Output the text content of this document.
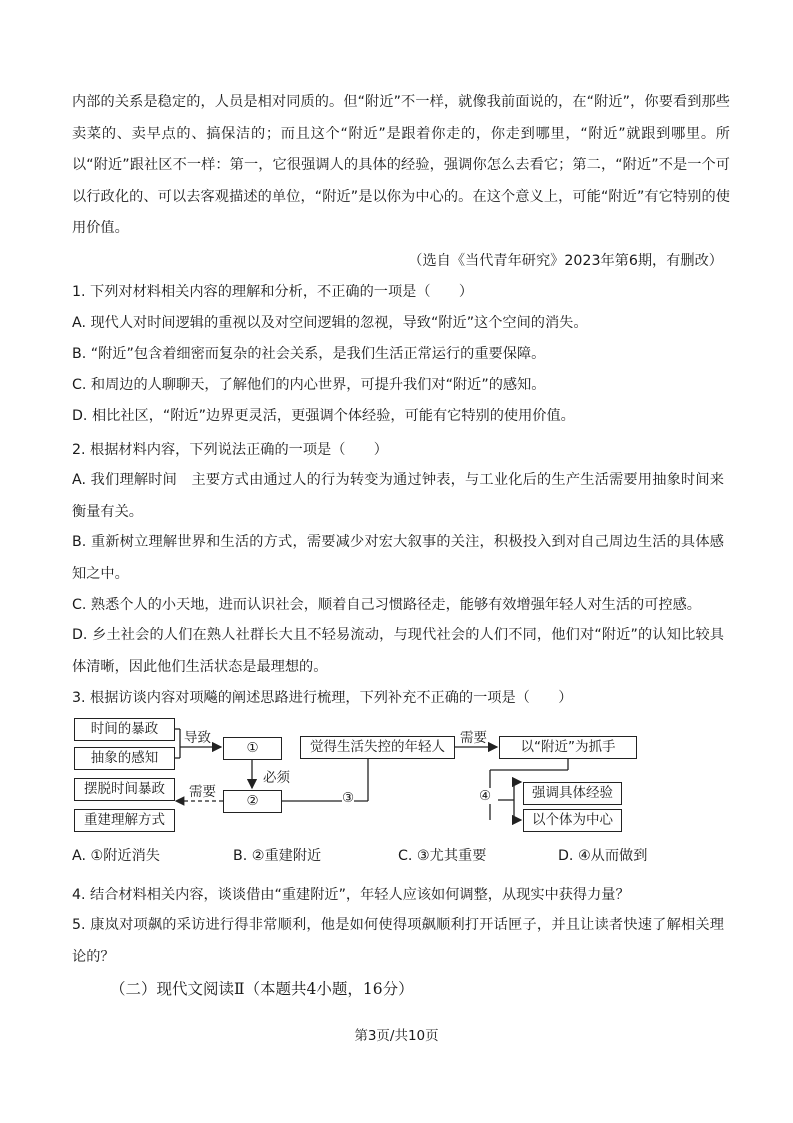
内部的关系是稳定的，人员是相对同质的。但“附近”不一样，就像我前面说的，在“附近”，你要看到那些卖菜的、卖早点的、搞保洁的；而且这个“附近”是跟着你走的，你走到哪里，“附近”就跟到哪里。所以“附近”跟社区不一样：第一，它很强调人的具体的经验，强调你怎么去看它；第二，“附近”不是一个可以行政化的、可以去客观描述的单位，“附近”是以你为中心的。在这个意义上，可能“附近”有它特别的使用价值。

（选自《当代青年研究》2023年第6期，有删改）

1. 下列对材料相关内容的理解和分析，不正确的一项是（　　）

A. 现代人对时间逻辑的重视以及对空间逻辑的忽视，导致“附近”这个空间的消失。

B. “附近”包含着细密而复杂的社会关系，是我们生活正常运行的重要保障。

C. 和周边的人聊聊天，了解他们的内心世界，可提升我们对“附近”的感知。

D. 相比社区，“附近”边界更灵活，更强调个体经验，可能有它特别的使用价值。

2. 根据材料内容，下列说法正确的一项是（　　）

A. 我们理解时间　主要方式由通过人的行为转变为通过钟表，与工业化后的生产生活需要用抽象时间来衡量有关。

B. 重新树立理解世界和生活的方式，需要减少对宏大叙事的关注，积极投入到对自己周边生活的具体感知之中。

C. 熟悉个人的小天地，进而认识社会，顺着自己习惯路径走，能够有效增强年轻人对生活的可控感。

D. 乡土社会的人们在熟人社群长大且不轻易流动，与现代社会的人们不同，他们对“附近”的认知比较具体清晰，因此他们生活状态是最理想的。

3. 根据访谈内容对项飚的阐述思路进行梳理，下列补充不正确的一项是（　　）

时间的暴政
抽象的感知
导致
①
必须
②
需要
摆脱时间暴政
重建理解方式
③
觉得生活失控的年轻人
需要
以“附近”为抓手
④	强调具体经验
以个体为中心
A. ①附近消失	B. ②重建附近	C. ③尤其重要	D. ④从而做到

4. 结合材料相关内容，谈谈借由“重建附近”，年轻人应该如何调整，从现实中获得力量？

5. 康岚对项飙的采访进行得非常顺利，他是如何使得项飙顺利打开话匣子，并且让读者快速了解相关理论的？

（二）现代文阅读Ⅱ（本题共4小题，16分）
第3页/共10页
